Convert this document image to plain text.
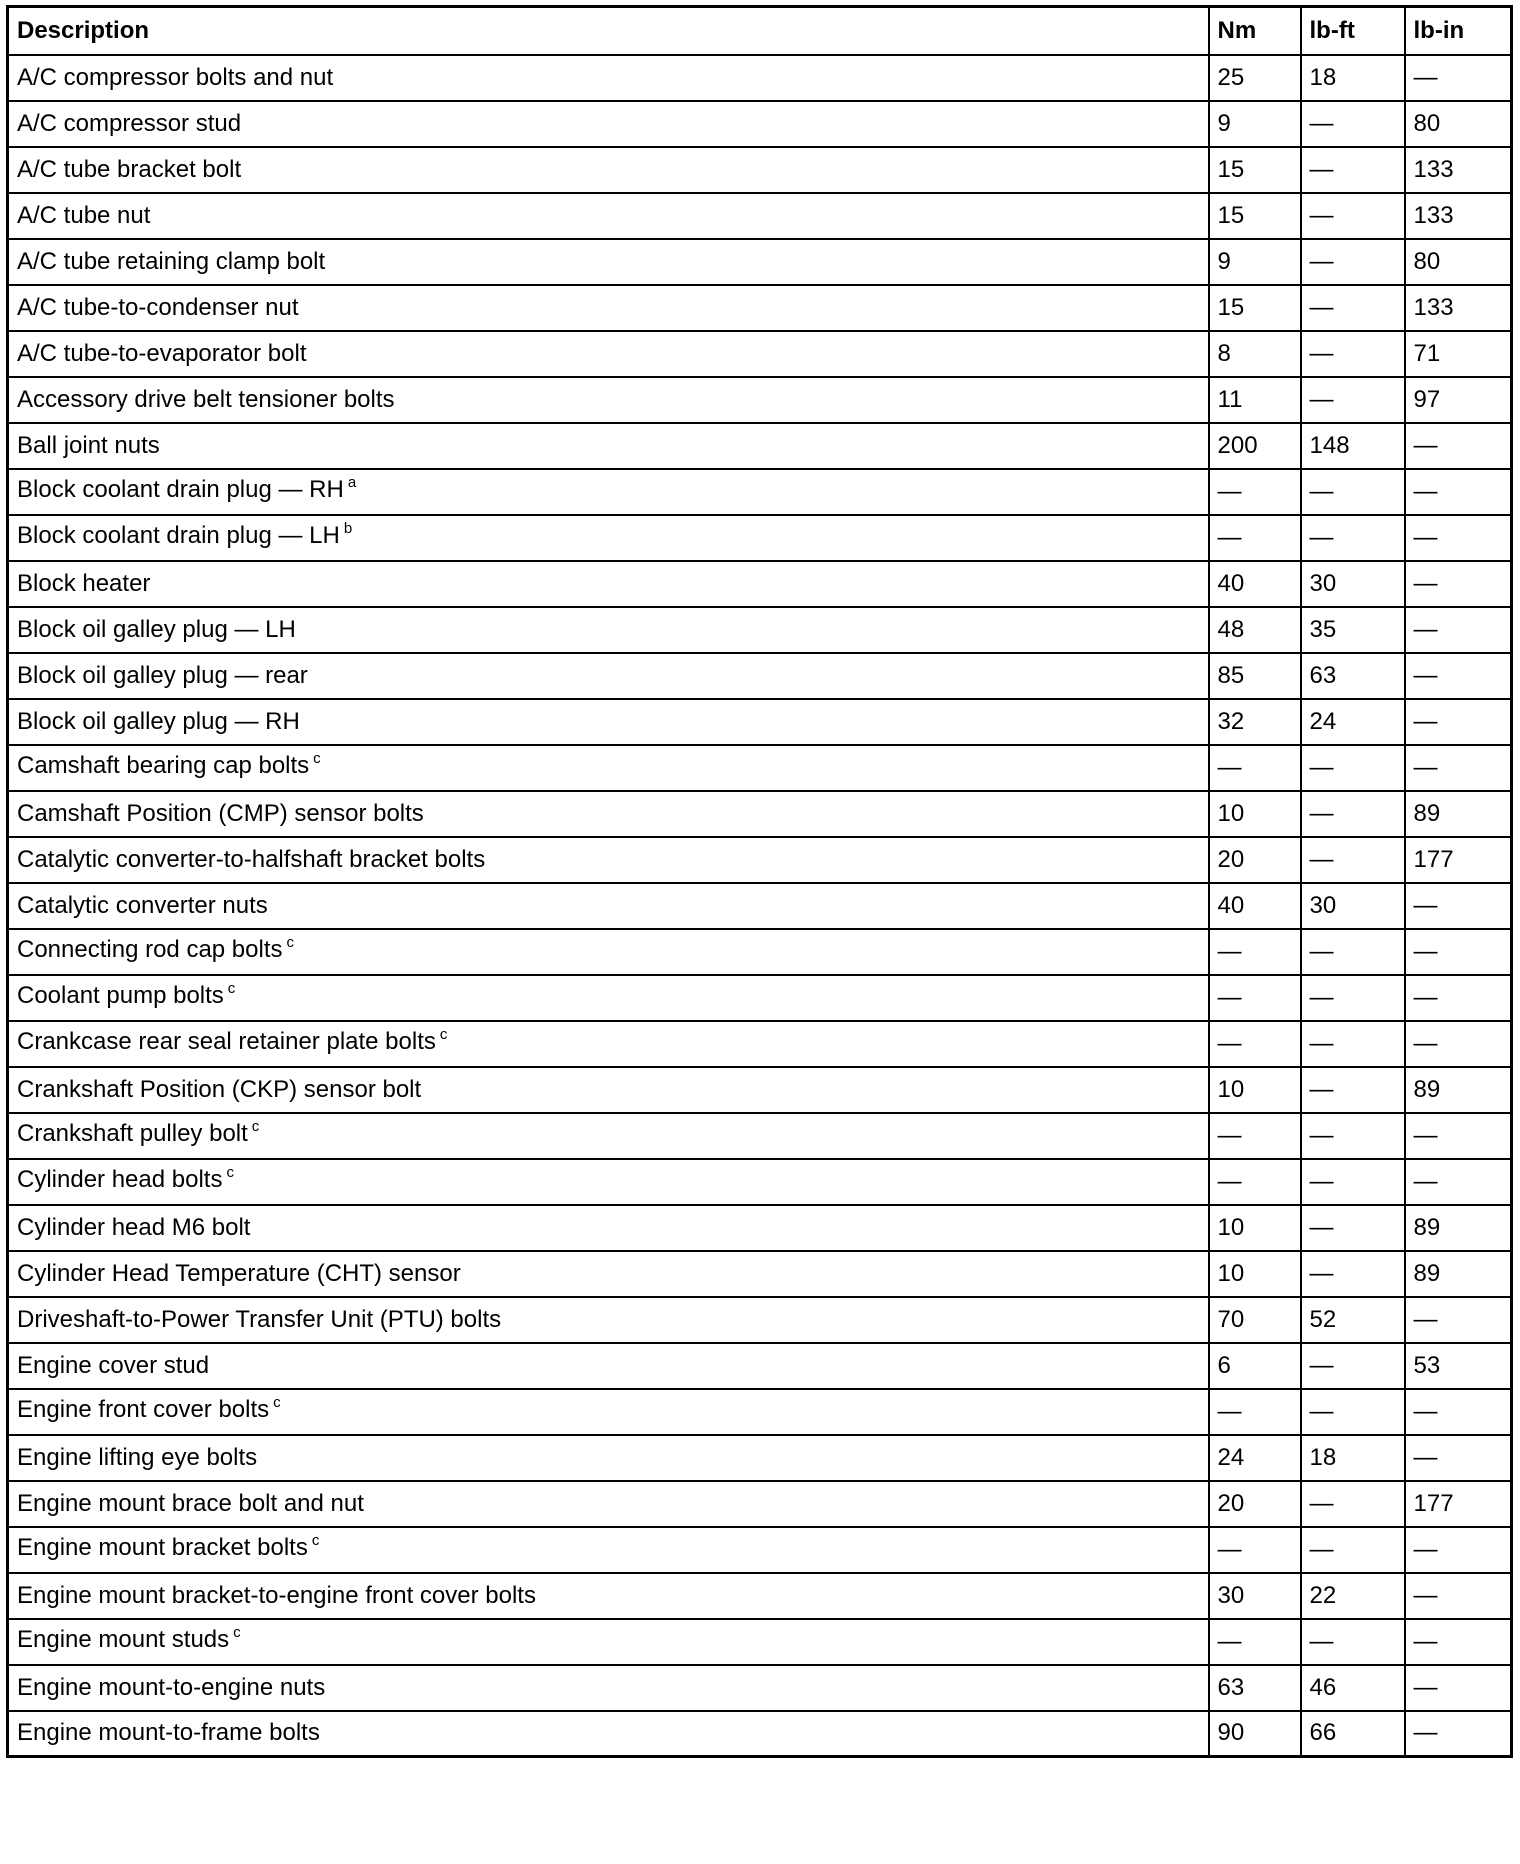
Description	Nm	lb-ft	lb-in
A/C compressor bolts and nut	25	18	—
A/C compressor stud	9	—	80
A/C tube bracket bolt	15	—	133
A/C tube nut	15	—	133
A/C tube retaining clamp bolt	9	—	80
A/C tube-to-condenser nut	15	—	133
A/C tube-to-evaporator bolt	8	—	71
Accessory drive belt tensioner bolts	11	—	97
Ball joint nuts	200	148	—
Block coolant drain plug — RH $^a$	—	—	—
Block coolant drain plug — LH $^b$	—	—	—
Block heater	40	30	—
Block oil galley plug — LH	48	35	—
Block oil galley plug — rear	85	63	—
Block oil galley plug — RH	32	24	—
Camshaft bearing cap bolts $^c$	—	—	—
Camshaft Position (CMP) sensor bolts	10	—	89
Catalytic converter-to-halfshaft bracket bolts	20	—	177
Catalytic converter nuts	40	30	—
Connecting rod cap bolts $^c$	—	—	—
Coolant pump bolts $^c$	—	—	—
Crankcase rear seal retainer plate bolts $^c$	—	—	—
Crankshaft Position (CKP) sensor bolt	10	—	89
Crankshaft pulley bolt $^c$	—	—	—
Cylinder head bolts $^c$	—	—	—
Cylinder head M6 bolt	10	—	89
Cylinder Head Temperature (CHT) sensor	10	—	89
Driveshaft-to-Power Transfer Unit (PTU) bolts	70	52	—
Engine cover stud	6	—	53
Engine front cover bolts $^c$	—	—	—
Engine lifting eye bolts	24	18	—
Engine mount brace bolt and nut	20	—	177
Engine mount bracket bolts $^c$	—	—	—
Engine mount bracket-to-engine front cover bolts	30	22	—
Engine mount studs $^c$	—	—	—
Engine mount-to-engine nuts	63	46	—
Engine mount-to-frame bolts	90	66	—
